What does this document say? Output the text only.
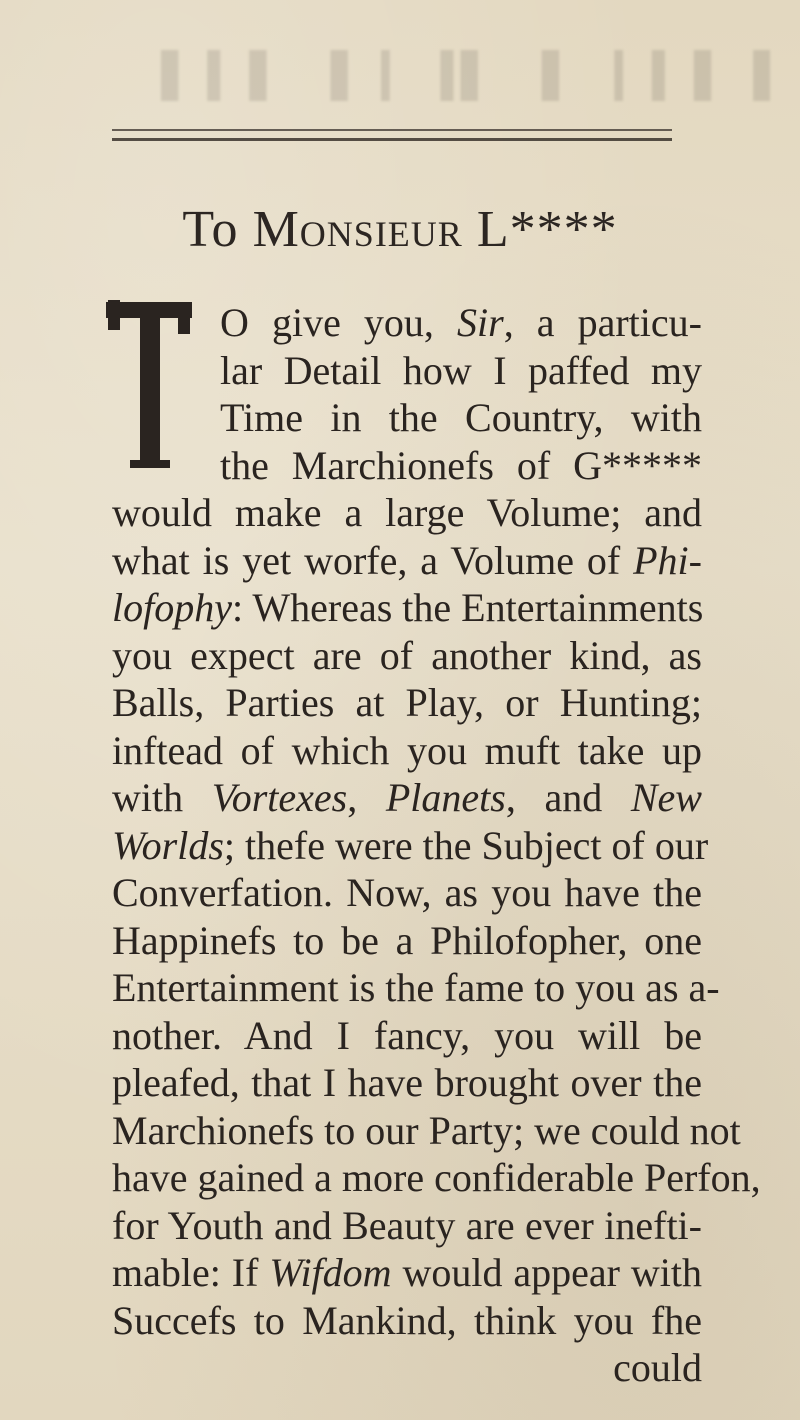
▌▐ ▍▎ ▌ ▐▍ ▎▌ ▐ ▍▌
To Monsieur L****
O give you, Sir, a particu-
lar Detail how I paffed my
Time in the Country, with
the Marchionefs of G*****
would make a large Volume; and
what is yet worfe, a Volume of Phi-
lofophy: Whereas the Entertainments
you expect are of another kind, as
Balls, Parties at Play, or Hunting;
inftead of which you muft take up
with Vortexes, Planets, and New
Worlds; thefe were the Subject of our
Converfation. Now, as you have the
Happinefs to be a Philofopher, one
Entertainment is the fame to you as a-
nother. And I fancy, you will be
pleafed, that I have brought over the
Marchionefs to our Party; we could not
have gained a more confiderable Perfon,
for Youth and Beauty are ever inefti-
mable: If Wifdom would appear with
Succefs to Mankind, think you fhe
could
